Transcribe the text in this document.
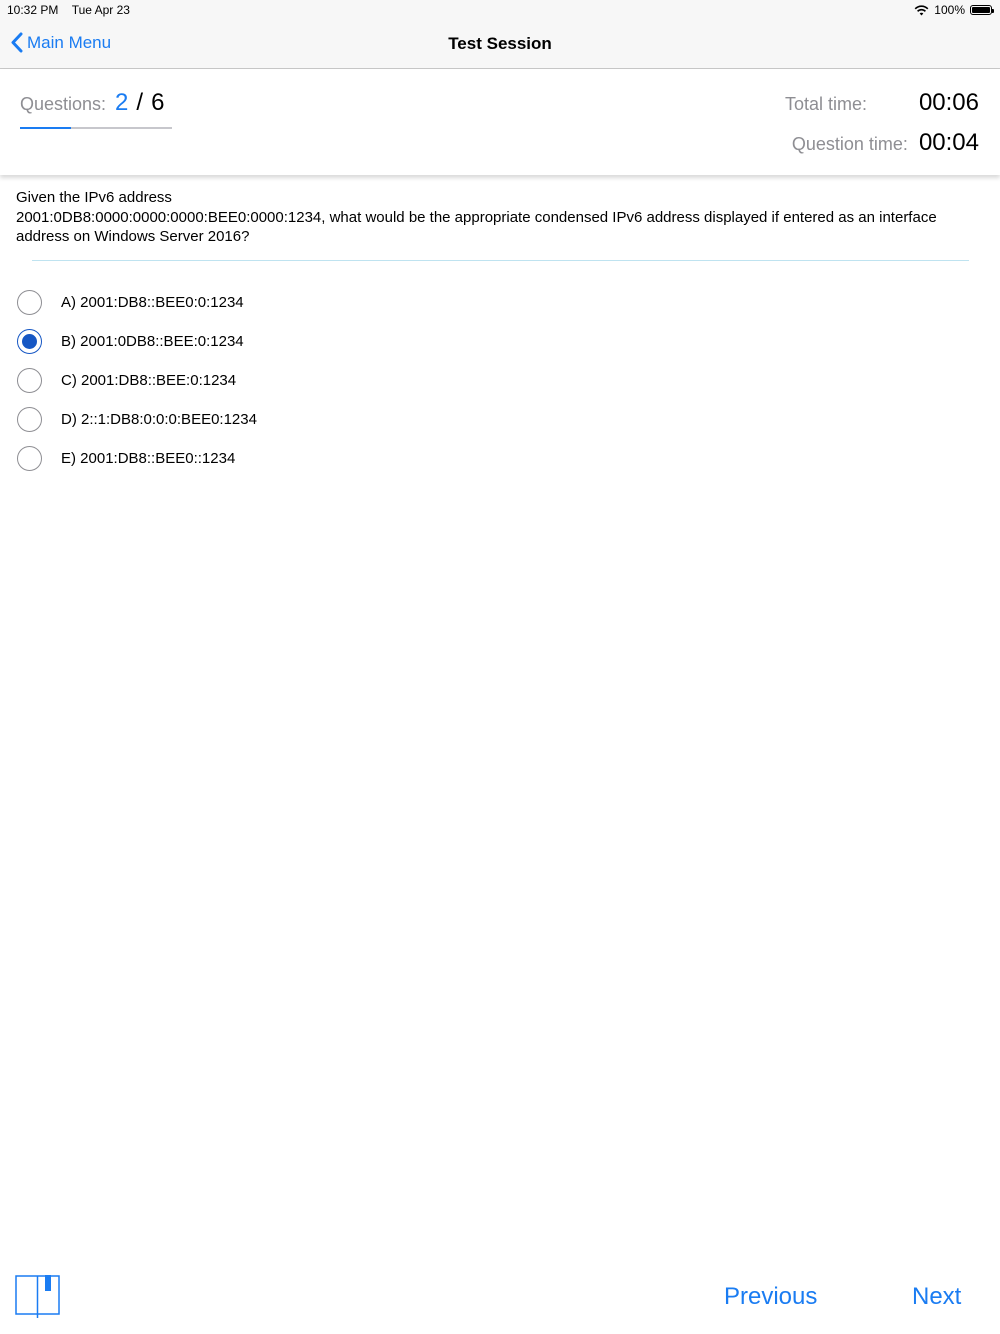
10:32 PM Tue Apr 23	100%
Main Menu	Test Session
Questions: 2 / 6	Total time:	00:06
Question time: 00:04
Given the IPv6 address
2001:0DB8:0000:0000:0000:BEE0:0000:1234, what would be the appropriate condensed IPv6 address displayed if entered as an interface address on Windows Server 2016?
A) 2001:DB8::BEE0:0:1234
B) 2001:0DB8::BEE:0:1234
C) 2001:DB8::BEE:0:1234
D) 2::1:DB8:0:0:0:BEE0:1234
E) 2001:DB8::BEE0::1234
Previous	Next
